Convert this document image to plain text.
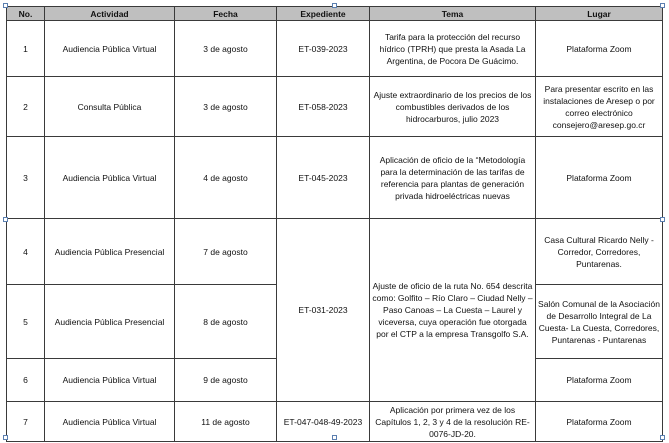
No.	Actividad	Fecha	Expediente	Tema	Lugar
1	Audiencia Pública Virtual	3 de agosto	ET-039-2023	Tarifa para la protección del recurso hídrico (TPRH) que presta la Asada La Argentina, de Pocora De Guácimo.	Plataforma Zoom
2	Consulta Pública	3 de agosto	ET-058-2023	Ajuste extraordinario de los precios de los combustibles derivados de los hidrocarburos, julio 2023	Para presentar escrito en las instalaciones de Aresep o por correo electrónico consejero@aresep.go.cr
3	Audiencia Pública Virtual	4 de agosto	ET-045-2023	Aplicación de oficio de la “Metodología para la determinación de las tarifas de referencia para plantas de generación privada hidroeléctricas nuevas	Plataforma Zoom
4	Audiencia Pública Presencial	7 de agosto	ET-031-2023	Ajuste de oficio de la ruta No. 654 descrita como: Golfito – Río Claro – Ciudad Nelly – Paso Canoas – La Cuesta – Laurel y viceversa, cuya operación fue otorgada por el CTP a la empresa Transgolfo S.A.	Casa Cultural Ricardo Nelly - Corredor, Corredores, Puntarenas.
5	Audiencia Pública Presencial	8 de agosto			Salón Comunal de la Asociación de Desarrollo Integral de La Cuesta- La Cuesta, Corredores, Puntarenas - Puntarenas
6	Audiencia Pública Virtual	9 de agosto			Plataforma Zoom
7	Audiencia Pública Virtual	11 de agosto	ET-047-048-49-2023	Aplicación por primera vez de los Capítulos 1, 2, 3 y 4 de la resolución RE-0076-JD-20.	Plataforma Zoom
